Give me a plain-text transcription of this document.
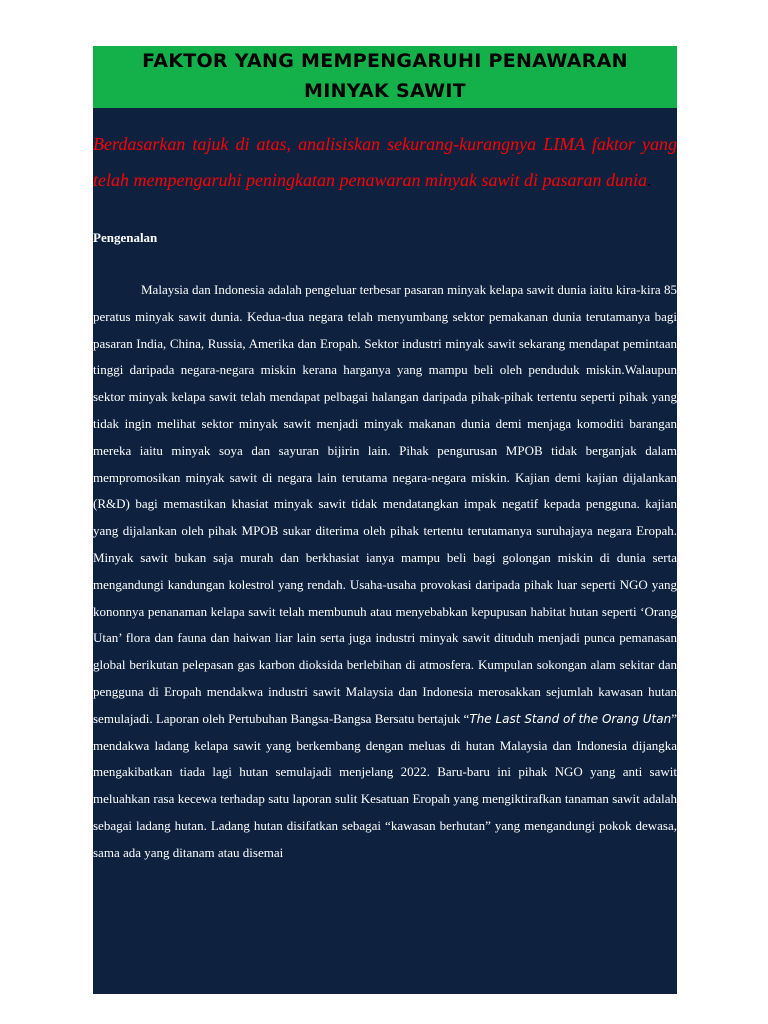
FAKTOR YANG MEMPENGARUHI PENAWARAN
MINYAK SAWIT

Berdasarkan tajuk di atas, analisiskan sekurang-kurangnya LIMA faktor yang telah mempengaruhi peningkatan penawaran minyak sawit di pasaran dunia.

Pengenalan

Malaysia dan Indonesia adalah pengeluar terbesar pasaran minyak kelapa sawit dunia iaitu kira-kira 85 peratus minyak sawit dunia. Kedua-dua negara telah menyumbang sektor pemakanan dunia terutamanya bagi pasaran India, China, Russia, Amerika dan Eropah. Sektor industri minyak sawit sekarang mendapat pemintaan tinggi daripada negara-negara miskin kerana harganya yang mampu beli oleh penduduk miskin.Walaupun sektor minyak kelapa sawit telah mendapat pelbagai halangan daripada pihak-pihak tertentu seperti pihak yang tidak ingin melihat sektor minyak sawit menjadi minyak makanan dunia demi menjaga komoditi barangan mereka iaitu minyak soya dan sayuran bijirin lain. Pihak pengurusan MPOB tidak berganjak dalam mempromosikan minyak sawit di negara lain terutama negara-negara miskin. Kajian demi kajian dijalankan (R&D) bagi memastikan khasiat minyak sawit tidak mendatangkan impak negatif kepada pengguna. kajian yang dijalankan oleh pihak MPOB sukar diterima oleh pihak tertentu terutamanya suruhajaya negara Eropah. Minyak sawit bukan saja murah dan berkhasiat ianya mampu beli bagi golongan miskin di dunia serta mengandungi kandungan kolestrol yang rendah. Usaha-usaha provokasi daripada pihak luar seperti NGO yang kononnya penanaman kelapa sawit telah membunuh atau menyebabkan kepupusan habitat hutan seperti ‘Orang Utan’ flora dan fauna dan haiwan liar lain serta juga industri minyak sawit dituduh menjadi punca pemanasan global berikutan pelepasan gas karbon dioksida berlebihan di atmosfera. Kumpulan sokongan alam sekitar dan pengguna di Eropah mendakwa industri sawit Malaysia dan Indonesia merosakkan sejumlah kawasan hutan semulajadi. Laporan oleh Pertubuhan Bangsa-Bangsa Bersatu bertajuk “The Last Stand of the Orang Utan” mendakwa ladang kelapa sawit yang berkembang dengan meluas di hutan Malaysia dan Indonesia dijangka mengakibatkan tiada lagi hutan semulajadi menjelang 2022. Baru-baru ini pihak NGO yang anti sawit meluahkan rasa kecewa terhadap satu laporan sulit Kesatuan Eropah yang mengiktirafkan tanaman sawit adalah sebagai ladang hutan. Ladang hutan disifatkan sebagai “kawasan berhutan” yang mengandungi pokok dewasa, sama ada yang ditanam atau disemai
